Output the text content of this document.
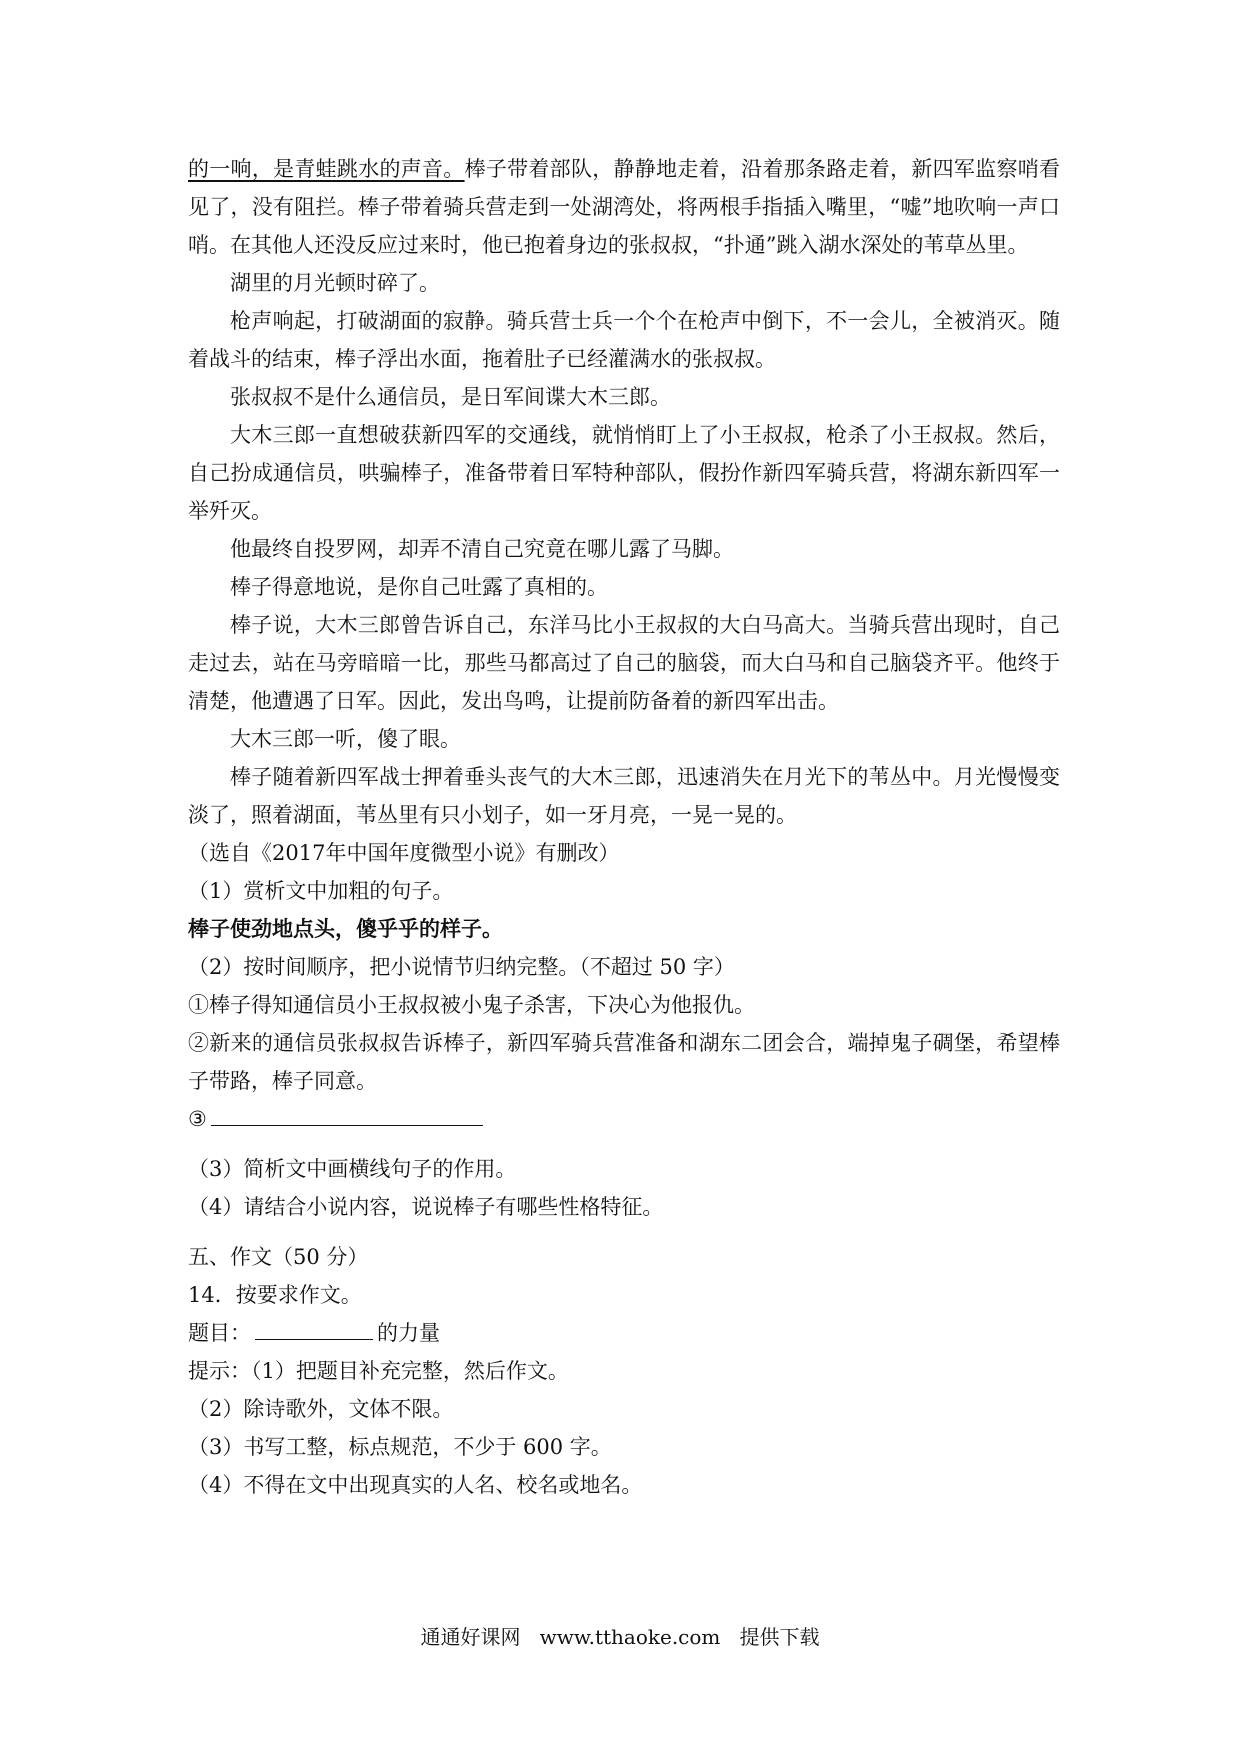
的一响，是青蛙跳水的声音。棒子带着部队，静静地走着，沿着那条路走着，新四军监察哨看见了，没有阻拦。棒子带着骑兵营走到一处湖湾处，将两根手指插入嘴里，“嘘”地吹响一声口哨。在其他人还没反应过来时，他已抱着身边的张叔叔，“扑通”跳入湖水深处的苇草丛里。

湖里的月光顿时碎了。

枪声响起，打破湖面的寂静。骑兵营士兵一个个在枪声中倒下，不一会儿，全被消灭。随着战斗的结束，棒子浮出水面，拖着肚子已经灌满水的张叔叔。

张叔叔不是什么通信员，是日军间谍大木三郎。

大木三郎一直想破获新四军的交通线，就悄悄盯上了小王叔叔，枪杀了小王叔叔。然后，自己扮成通信员，哄骗棒子，准备带着日军特种部队，假扮作新四军骑兵营，将湖东新四军一举歼灭。

他最终自投罗网，却弄不清自己究竟在哪儿露了马脚。

棒子得意地说，是你自己吐露了真相的。

棒子说，大木三郎曾告诉自己，东洋马比小王叔叔的大白马高大。当骑兵营出现时，自己走过去，站在马旁暗暗一比，那些马都高过了自己的脑袋，而大白马和自己脑袋齐平。他终于清楚，他遭遇了日军。因此，发出鸟鸣，让提前防备着的新四军出击。

大木三郎一听，傻了眼。

棒子随着新四军战士押着垂头丧气的大木三郎，迅速消失在月光下的苇丛中。月光慢慢变淡了，照着湖面，苇丛里有只小划子，如一牙月亮，一晃一晃的。

（选自《2017年中国年度微型小说》有删改）

（1）赏析文中加粗的句子。

棒子使劲地点头，傻乎乎的样子。

（2）按时间顺序，把小说情节归纳完整。（不超过 50 字）

①棒子得知通信员小王叔叔被小鬼子杀害，下决心为他报仇。

②新来的通信员张叔叔告诉棒子，新四军骑兵营准备和湖东二团会合，端掉鬼子碉堡，希望棒子带路，棒子同意。

③

（3）简析文中画横线句子的作用。

（4）请结合小说内容，说说棒子有哪些性格特征。

五、作文（50 分）

14．按要求作文。

题目：	的力量

提示：（1）把题目补充完整，然后作文。

（2）除诗歌外，文体不限。

（3）书写工整，标点规范，不少于 600 字。

（4）不得在文中出现真实的人名、校名或地名。

通通好课网   www.tthaoke.com   提供下载
